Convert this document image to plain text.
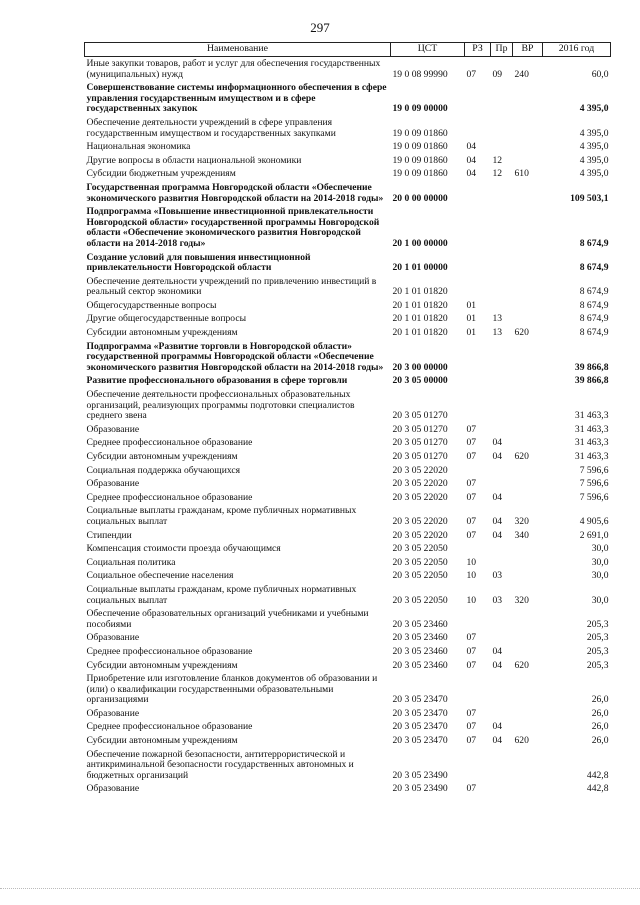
297
Наименование	ЦСТ	РЗ	Пр	ВР	2016 год
Иные закупки товаров, работ и услуг для обеспечения государственных (муниципальных) нужд	19 0 08 99990	07	09	240	60,0
Совершенствование системы информационного обеспечения в сфере управления государственным имуществом и в сфере государственных закупок	19 0 09 00000				4 395,0
Обеспечение деятельности учреждений в сфере управления государственным имуществом и государственных закупками	19 0 09 01860				4 395,0
Национальная экономика	19 0 09 01860	04			4 395,0
Другие вопросы в области национальной экономики	19 0 09 01860	04	12		4 395,0
Субсидии бюджетным учреждениям	19 0 09 01860	04	12	610	4 395,0
Государственная программа Новгородской области «Обеспечение экономического развития Новгородской области на 2014-2018 годы»	20 0 00 00000				109 503,1
Подпрограмма «Повышение инвестиционной привлекательности Новгородской области» государственной программы Новгородской области «Обеспечение экономического развития Новгородской области на 2014-2018 годы»	20 1 00 00000				8 674,9
Создание условий для повышения инвестиционной привлекательности Новгородской области	20 1 01 00000				8 674,9
Обеспечение деятельности учреждений по привлечению инвестиций в реальный сектор экономики	20 1 01 01820				8 674,9
Общегосударственные вопросы	20 1 01 01820	01			8 674,9
Другие общегосударственные вопросы	20 1 01 01820	01	13		8 674,9
Субсидии автономным учреждениям	20 1 01 01820	01	13	620	8 674,9
Подпрограмма «Развитие торговли в Новгородской области» государственной программы Новгородской области «Обеспечение экономического развития Новгородской области на 2014-2018 годы»	20 3 00 00000				39 866,8
Развитие профессионального образования в сфере торговли	20 3 05 00000				39 866,8
Обеспечение деятельности профессиональных образовательных организаций, реализующих программы подготовки специалистов среднего звена	20 3 05 01270				31 463,3
Образование	20 3 05 01270	07			31 463,3
Среднее профессиональное образование	20 3 05 01270	07	04		31 463,3
Субсидии автономным учреждениям	20 3 05 01270	07	04	620	31 463,3
Социальная поддержка обучающихся	20 3 05 22020				7 596,6
Образование	20 3 05 22020	07			7 596,6
Среднее профессиональное образование	20 3 05 22020	07	04		7 596,6
Социальные выплаты гражданам, кроме публичных нормативных социальных выплат	20 3 05 22020	07	04	320	4 905,6
Стипендии	20 3 05 22020	07	04	340	2 691,0
Компенсация стоимости проезда обучающимся	20 3 05 22050				30,0
Социальная политика	20 3 05 22050	10			30,0
Социальное обеспечение населения	20 3 05 22050	10	03		30,0
Социальные выплаты гражданам, кроме публичных нормативных социальных выплат	20 3 05 22050	10	03	320	30,0
Обеспечение образовательных организаций учебниками и учебными пособиями	20 3 05 23460				205,3
Образование	20 3 05 23460	07			205,3
Среднее профессиональное образование	20 3 05 23460	07	04		205,3
Субсидии автономным учреждениям	20 3 05 23460	07	04	620	205,3
Приобретение или изготовление бланков документов об образовании и (или) о квалификации государственными образовательными организациями	20 3 05 23470				26,0
Образование	20 3 05 23470	07			26,0
Среднее профессиональное образование	20 3 05 23470	07	04		26,0
Субсидии автономным учреждениям	20 3 05 23470	07	04	620	26,0
Обеспечение пожарной безопасности, антитеррористической и антикриминальной безопасности государственных автономных и бюджетных организаций	20 3 05 23490				442,8
Образование	20 3 05 23490	07			442,8
